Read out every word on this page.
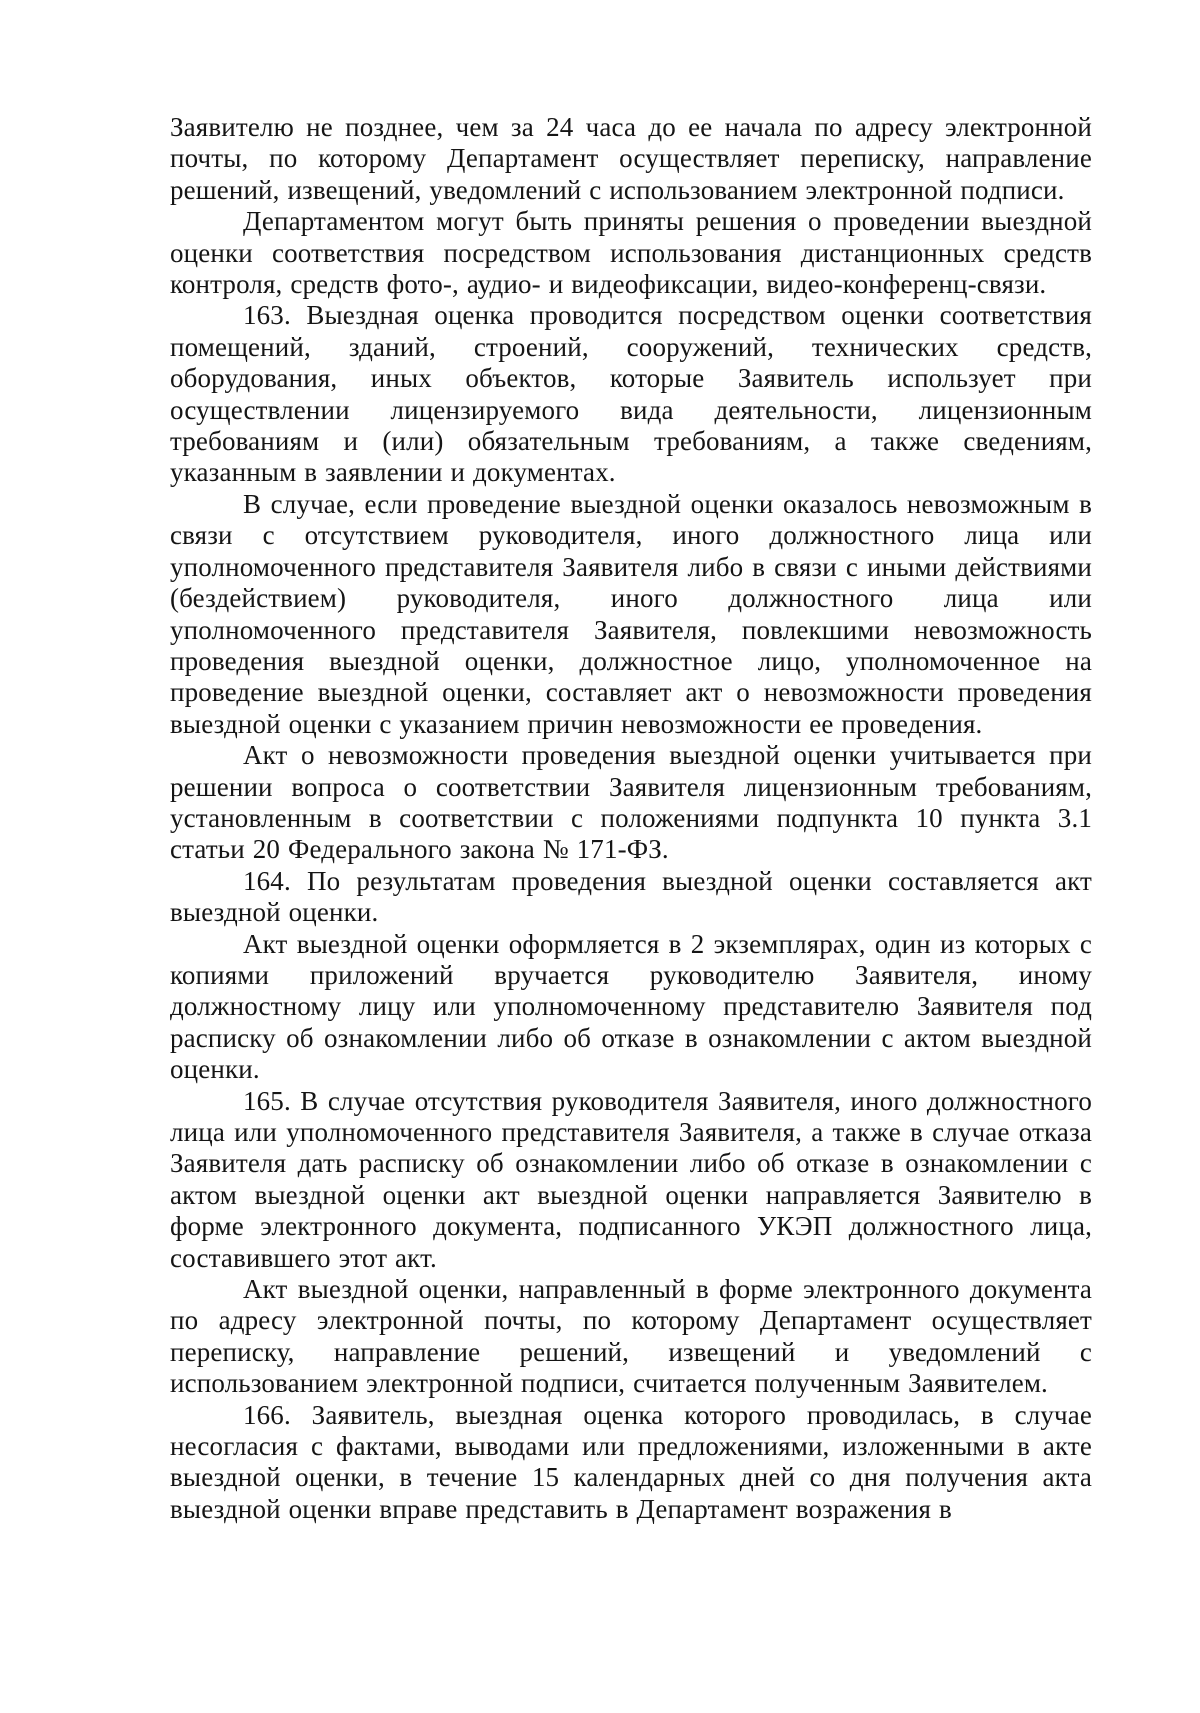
Заявителю не позднее, чем за 24 часа до ее начала по адресу электронной почты, по которому Департамент осуществляет переписку, направление решений, извещений, уведомлений с использованием электронной подписи.

Департаментом могут быть приняты решения о проведении выездной оценки соответствия посредством использования дистанционных средств контроля, средств фото-, аудио- и видеофиксации, видео-конференц-связи.

163. Выездная оценка проводится посредством оценки соответствия помещений, зданий, строений, сооружений, технических средств, оборудования, иных объектов, которые Заявитель использует при осуществлении лицензируемого вида деятельности, лицензионным требованиям и (или) обязательным требованиям, а также сведениям, указанным в заявлении и документах.

В случае, если проведение выездной оценки оказалось невозможным в связи с отсутствием руководителя, иного должностного лица или уполномоченного представителя Заявителя либо в связи с иными действиями (бездействием) руководителя, иного должностного лица или уполномоченного представителя Заявителя, повлекшими невозможность проведения выездной оценки, должностное лицо, уполномоченное на проведение выездной оценки, составляет акт о невозможности проведения выездной оценки с указанием причин невозможности ее проведения.

Акт о невозможности проведения выездной оценки учитывается при решении вопроса о соответствии Заявителя лицензионным требованиям, установленным в соответствии с положениями подпункта 10 пункта 3.1 статьи 20 Федерального закона № 171-ФЗ.

164. По результатам проведения выездной оценки составляется акт выездной оценки.

Акт выездной оценки оформляется в 2 экземплярах, один из которых с копиями приложений вручается руководителю Заявителя, иному должностному лицу или уполномоченному представителю Заявителя под расписку об ознакомлении либо об отказе в ознакомлении с актом выездной оценки.

165. В случае отсутствия руководителя Заявителя, иного должностного лица или уполномоченного представителя Заявителя, а также в случае отказа Заявителя дать расписку об ознакомлении либо об отказе в ознакомлении с актом выездной оценки акт выездной оценки направляется Заявителю в форме электронного документа, подписанного УКЭП должностного лица, составившего этот акт.

Акт выездной оценки, направленный в форме электронного документа по адресу электронной почты, по которому Департамент осуществляет переписку, направление решений, извещений и уведомлений с использованием электронной подписи, считается полученным Заявителем.

166. Заявитель, выездная оценка которого проводилась, в случае несогласия с фактами, выводами или предложениями, изложенными в акте выездной оценки, в течение 15 календарных дней со дня получения акта выездной оценки вправе представить в Департамент возражения в
